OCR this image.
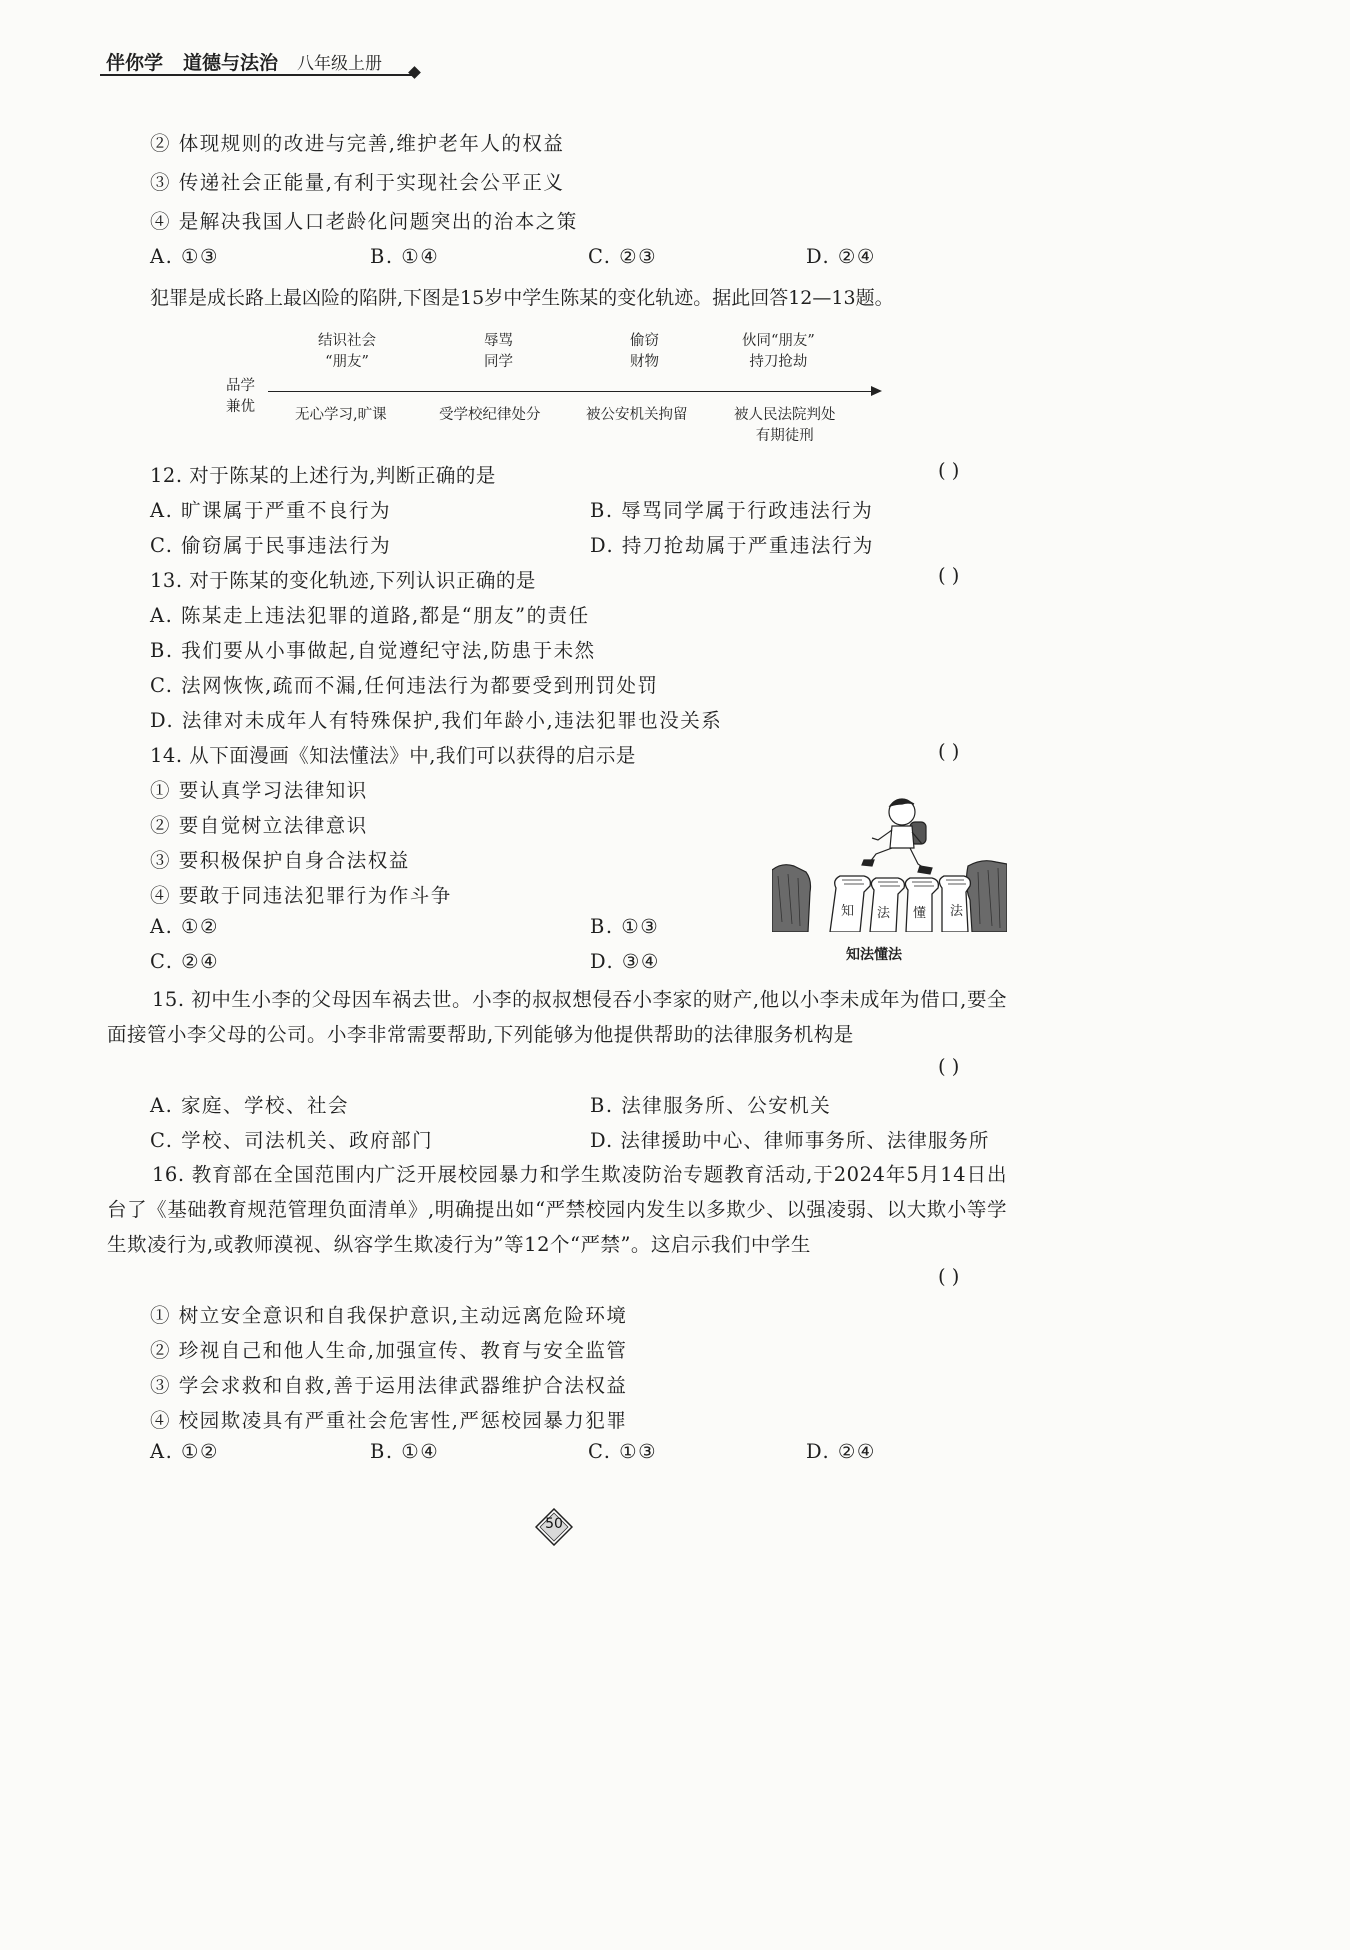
伴你学 道德与法治 八年级上册
② 体现规则的改进与完善,维护老年人的权益
③ 传递社会正能量,有利于实现社会公平正义
④ 是解决我国人口老龄化问题突出的治本之策
A. ①③	B. ①④	C. ②③	D. ②④
犯罪是成长路上最凶险的陷阱,下图是15岁中学生陈某的变化轨迹。据此回答12—13题。
品学
兼优
结识社会
“朋友”
辱骂
同学
偷窃
财物
伙同“朋友”
持刀抢劫
无心学习,旷课	受学校纪律处分	被公安机关拘留	被人民法院判处
有期徒刑
12. 对于陈某的上述行为,判断正确的是	( )
A. 旷课属于严重不良行为	B. 辱骂同学属于行政违法行为
C. 偷窃属于民事违法行为	D. 持刀抢劫属于严重违法行为
13. 对于陈某的变化轨迹,下列认识正确的是	( )
A. 陈某走上违法犯罪的道路,都是“朋友”的责任
B. 我们要从小事做起,自觉遵纪守法,防患于未然
C. 法网恢恢,疏而不漏,任何违法行为都要受到刑罚处罚
D. 法律对未成年人有特殊保护,我们年龄小,违法犯罪也没关系
14. 从下面漫画《知法懂法》中,我们可以获得的启示是	( )
① 要认真学习法律知识
② 要自觉树立法律意识
③ 要积极保护自身合法权益
④ 要敢于同违法犯罪行为作斗争
A. ①②	B. ①③
C. ②④	D. ③④
知 法 懂 法
知法懂法
15. 初中生小李的父母因车祸去世。小李的叔叔想侵吞小李家的财产,他以小李未成年为借口,要全面接管小李父母的公司。小李非常需要帮助,下列能够为他提供帮助的法律服务机构是
( )
A. 家庭、学校、社会	B. 法律服务所、公安机关
C. 学校、司法机关、政府部门	D. 法律援助中心、律师事务所、法律服务所
16. 教育部在全国范围内广泛开展校园暴力和学生欺凌防治专题教育活动,于2024年5月14日出台了《基础教育规范管理负面清单》,明确提出如“严禁校园内发生以多欺少、以强凌弱、以大欺小等学生欺凌行为,或教师漠视、纵容学生欺凌行为”等12个“严禁”。这启示我们中学生
( )
① 树立安全意识和自我保护意识,主动远离危险环境
② 珍视自己和他人生命,加强宣传、教育与安全监管
③ 学会求救和自救,善于运用法律武器维护合法权益
④ 校园欺凌具有严重社会危害性,严惩校园暴力犯罪
A. ①②	B. ①④	C. ①③	D. ②④
50
